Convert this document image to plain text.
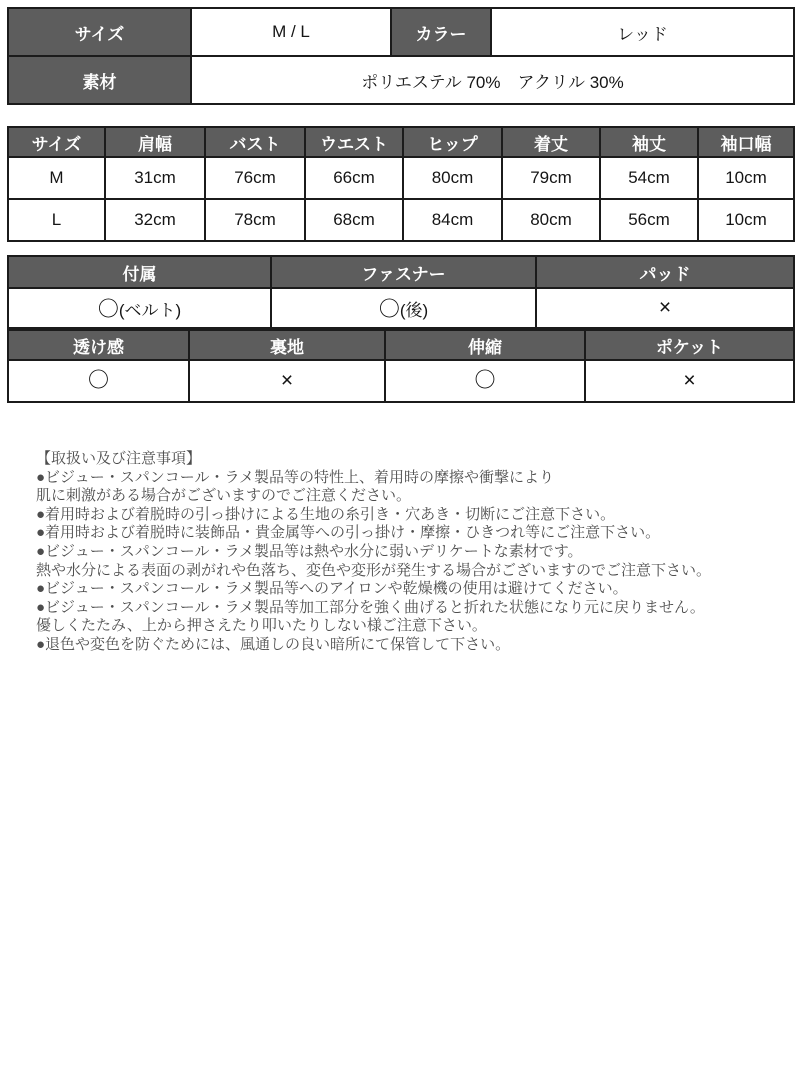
サイズ	M / L	カラー	レッド
素材	ポリエステル 70%　アクリル 30%		
サイズ	肩幅	バスト	ウエスト	ヒップ	着丈	袖丈	袖口幅
M	31cm	76cm	66cm	80cm	79cm	54cm	10cm
L	32cm	78cm	68cm	84cm	80cm	56cm	10cm
付属	ファスナー	パッド
〇(ベルト)	〇(後)	×
透け感	裏地	伸縮	ポケット
〇	×	〇	×
【取扱い及び注意事項】
●ビジュー・スパンコール・ラメ製品等の特性上、着用時の摩擦や衝撃により
肌に刺激がある場合がございますのでご注意ください。
●着用時および着脱時の引っ掛けによる生地の糸引き・穴あき・切断にご注意下さい。
●着用時および着脱時に装飾品・貴金属等への引っ掛け・摩擦・ひきつれ等にご注意下さい。
●ビジュー・スパンコール・ラメ製品等は熱や水分に弱いデリケートな素材です。
熱や水分による表面の剥がれや色落ち、変色や変形が発生する場合がございますのでご注意下さい。
●ビジュー・スパンコール・ラメ製品等へのアイロンや乾燥機の使用は避けてください。
●ビジュー・スパンコール・ラメ製品等加工部分を強く曲げると折れた状態になり元に戻りません。
優しくたたみ、上から押さえたり叩いたりしない様ご注意下さい。
●退色や変色を防ぐためには、風通しの良い暗所にて保管して下さい。
